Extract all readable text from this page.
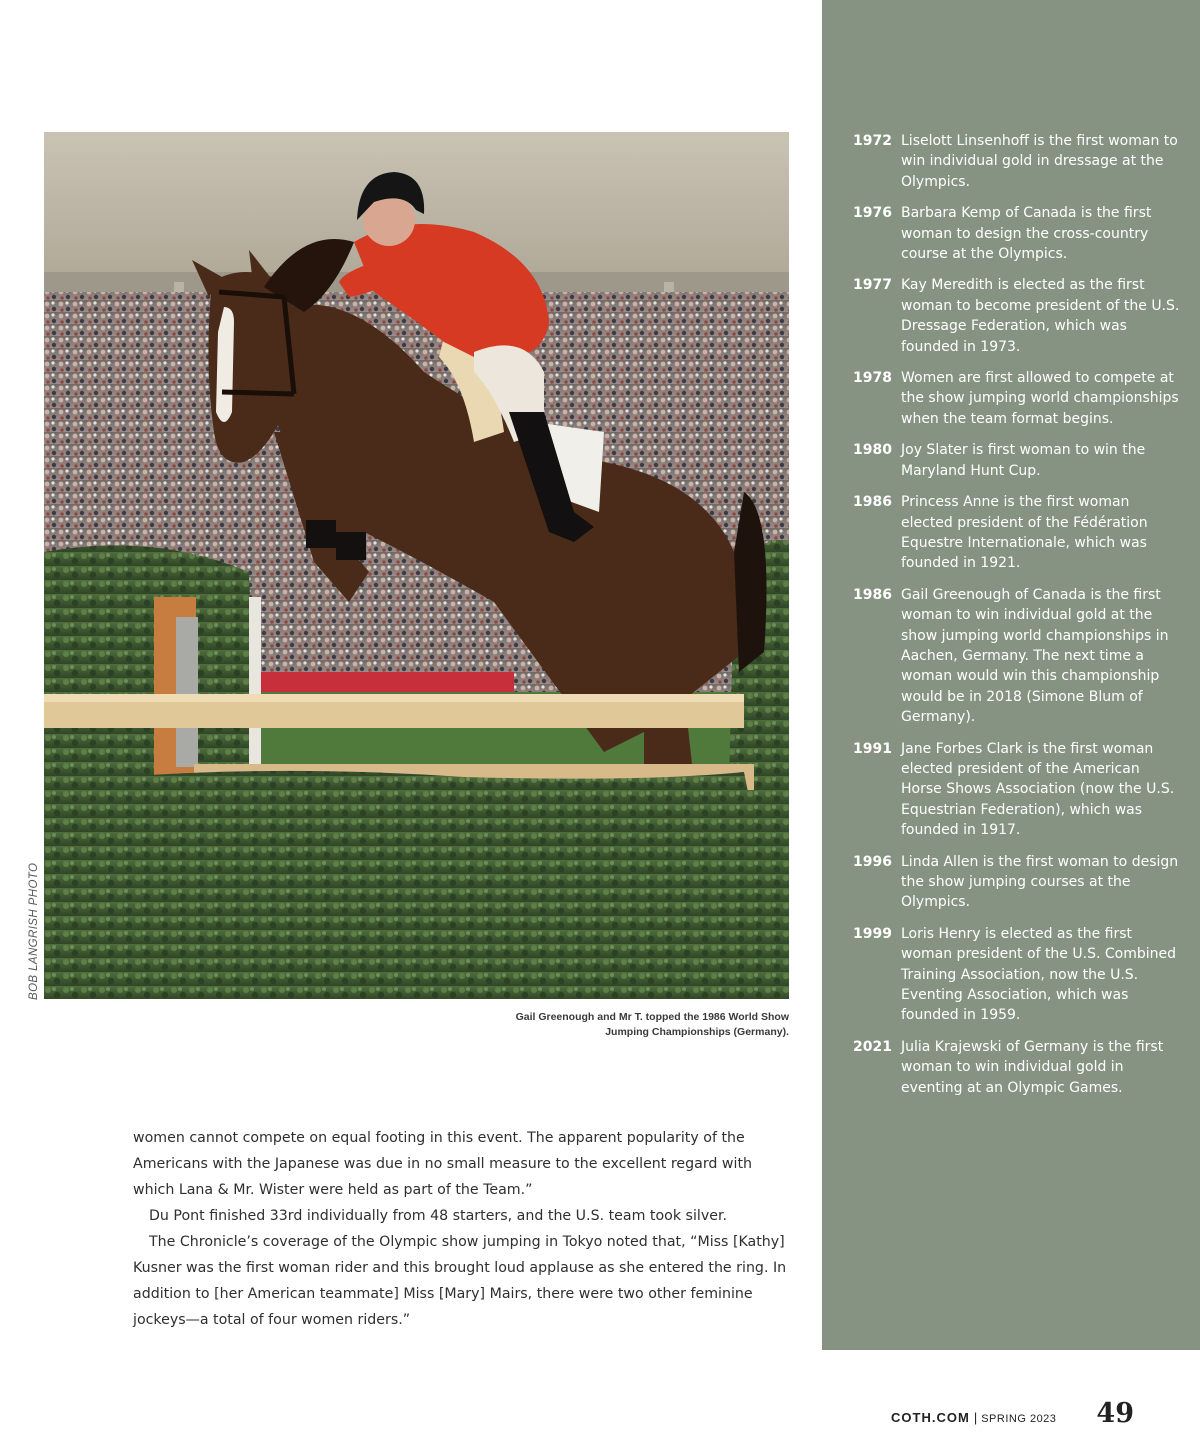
BOB LANGRISH PHOTO
Gail Greenough and Mr T. topped the 1986 World Show
Jumping Championships (Germany).

women cannot compete on equal footing in this event. The apparent popularity of the Americans with the Japanese was due in no small measure to the excellent regard with which Lana & Mr. Wister were held as part of the Team.”

Du Pont finished 33rd individually from 48 starters, and the U.S. team took silver.

The Chronicle’s coverage of the Olympic show jumping in Tokyo noted that, “Miss [Kathy] Kusner was the first woman rider and this brought loud applause as she entered the ring. In addition to [her American teammate] Miss [Mary] Mairs, there were two other feminine jockeys—a total of four women riders.”

1972 Liselott Linsenhoff is the first woman to win individual gold in dressage at the Olympics.
1976 Barbara Kemp of Canada is the first woman to design the cross-country course at the Olympics.
1977 Kay Meredith is elected as the first woman to become president of the U.S. Dressage Federation, which was founded in 1973.
1978 Women are first allowed to compete at the show jumping world championships when the team format begins.
1980 Joy Slater is first woman to win the Maryland Hunt Cup.
1986 Princess Anne is the first woman elected president of the Fédération Equestre Internationale, which was founded in 1921.
1986 Gail Greenough of Canada is the first woman to win individual gold at the show jumping world championships in Aachen, Germany. The next time a woman would win this championship would be in 2018 (Simone Blum of Germany).
1991 Jane Forbes Clark is the first woman elected president of the American Horse Shows Association (now the U.S. Equestrian Federation), which was founded in 1917.
1996 Linda Allen is the first woman to design the show jumping courses at the Olympics.
1999 Loris Henry is elected as the first woman president of the U.S. Combined Training Association, now the U.S. Eventing Association, which was founded in 1959.
2021 Julia Krajewski of Germany is the first woman to win individual gold in eventing at an Olympic Games.
COTH.COM | SPRING 2023 49
